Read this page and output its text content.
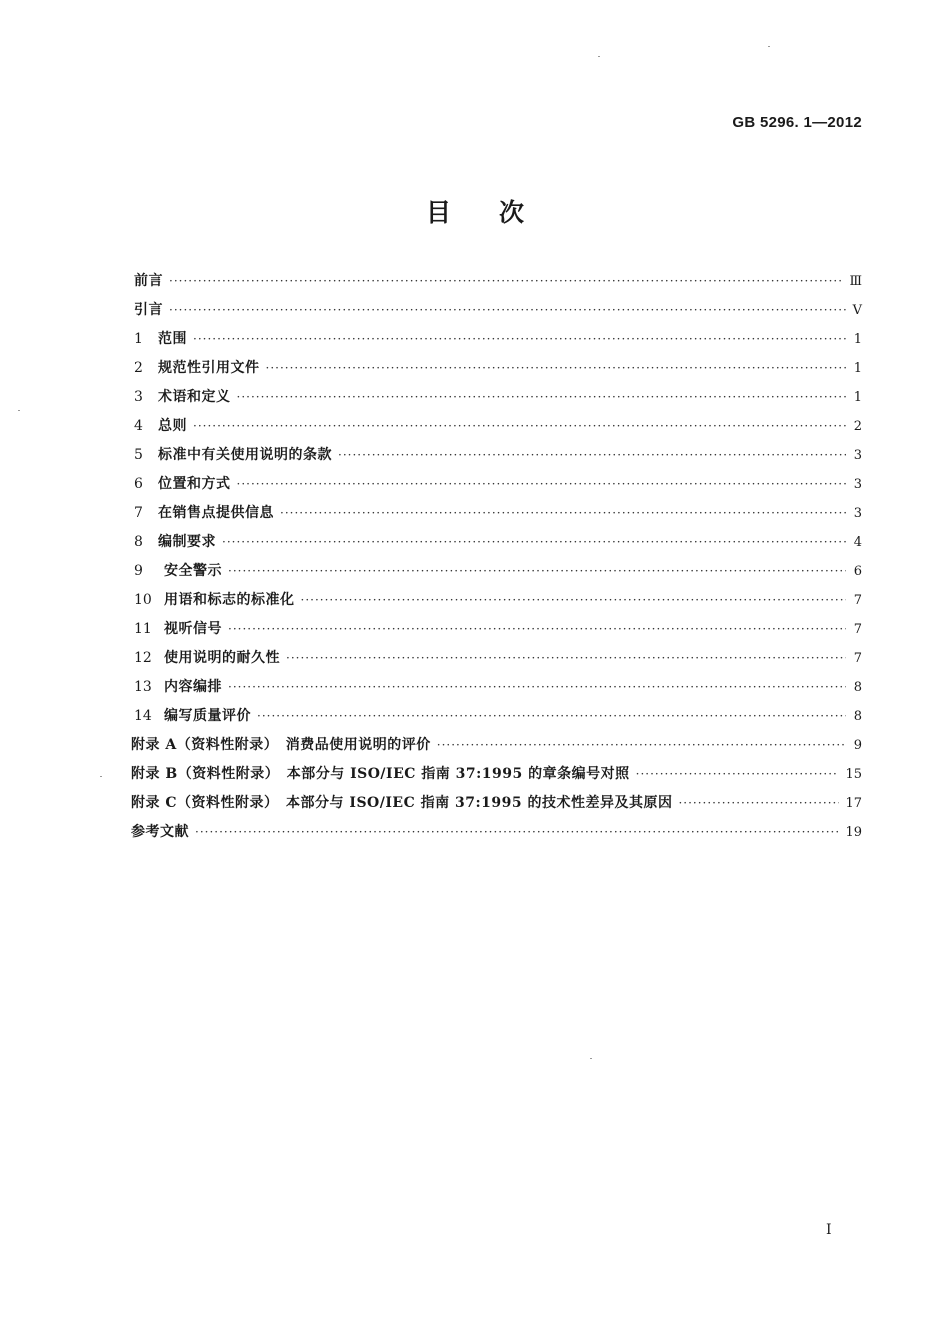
GB 5296. 1—2012
目次
前言 ·····	Ⅲ
引言 ·····	V
1	范围 ·····	1
2	规范性引用文件 ·····	1
3	术语和定义 ·····	1
4	总则 ·····	2
5	标准中有关使用说明的条款 ·····	3
6	位置和方式 ·····	3
7	在销售点提供信息 ·····	3
8	编制要求 ·····	4
9	安全警示 ·····	6
10 用语和标志的标准化 ·····	7
11 视听信号 ·····	7
12 使用说明的耐久性 ·····	7
13 内容编排 ·····	8
14 编写质量评价 ·····	8
附录 A（资料性附录）　消费品使用说明的评价 ·····	9
附录 B（资料性附录）　本部分与 ISO/IEC 指南 37:1995 的章条编号对照 ·····	15
附录 C（资料性附录）　本部分与 ISO/IEC 指南 37:1995 的技术性差异及其原因 ·····	17
参考文献 ·····	19
I
